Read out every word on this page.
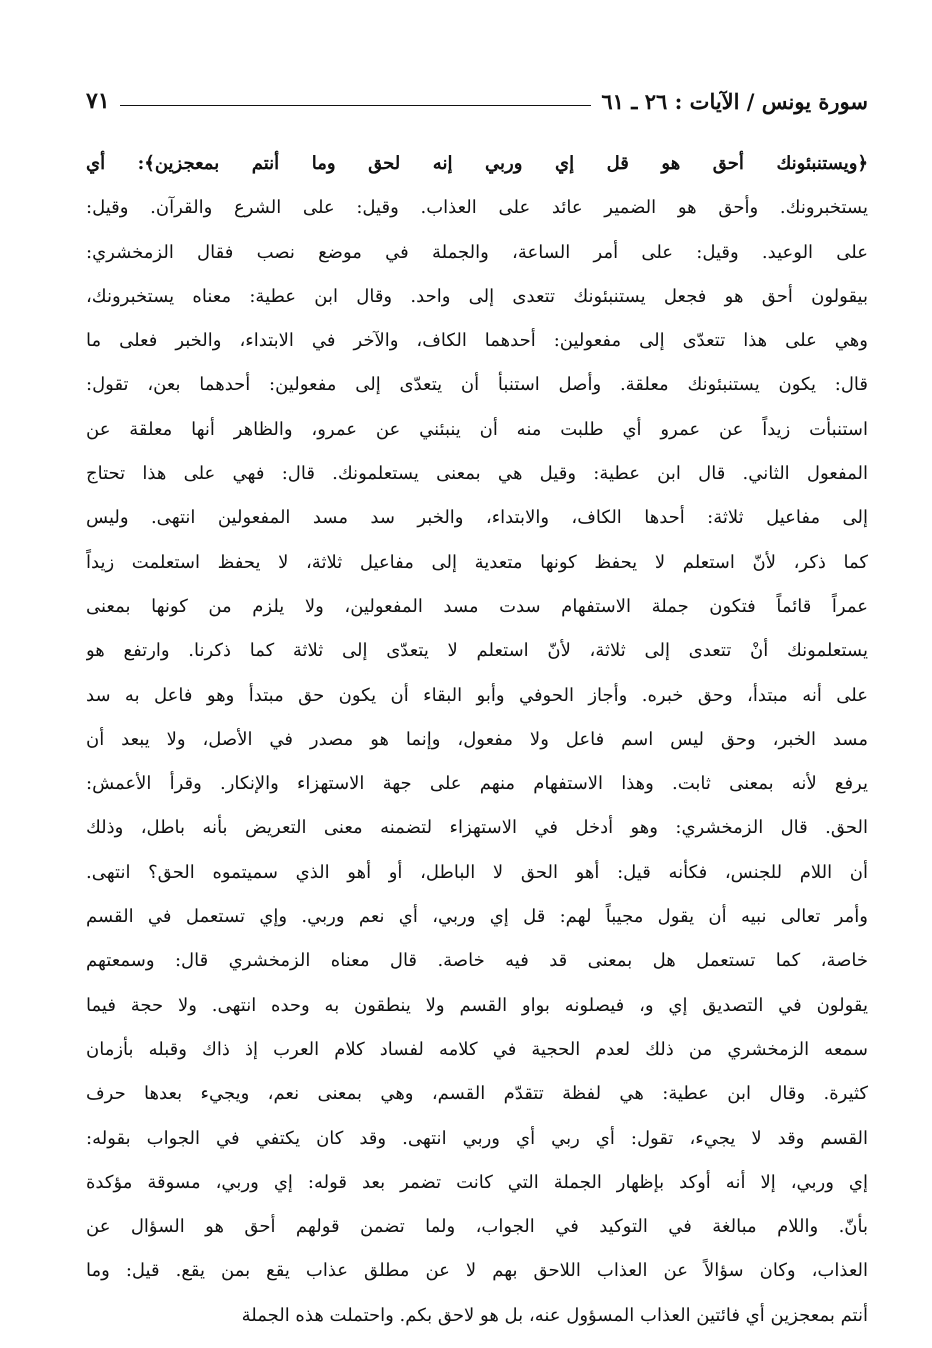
سورة يونس / الآيات : ٢٦ ـ ٦١
٧١
﴿ويستنبئونك أحق هو قل إي وربي إنه لحق وما أنتم بمعجزين﴾: أي
يستخبرونك. وأحق هو الضمير عائد على العذاب. وقيل: على الشرع والقرآن. وقيل:
على الوعيد. وقيل: على أمر الساعة، والجملة في موضع نصب فقال الزمخشري:
بيقولون أحق هو فجعل يستنبئونك تتعدى إلى واحد. وقال ابن عطية: معناه يستخبرونك،
وهي على هذا تتعدّى إلى مفعولين: أحدهما الكاف، والآخر في الابتداء، والخبر فعلى ما
قال: يكون يستنبئونك معلقة. وأصل استنبأ أن يتعدّى إلى مفعولين: أحدهما بعن، تقول:
استنبأت زيداً عن عمرو أي طلبت منه أن ينبئني عن عمرو، والظاهر أنها معلقة عن
المفعول الثاني. قال ابن عطية: وقيل هي بمعنى يستعلمونك. قال: فهي على هذا تحتاج
إلى مفاعيل ثلاثة: أحدها الكاف، والابتداء، والخبر سد مسد المفعولين انتهى. وليس
كما ذكر، لأنّ استعلم لا يحفظ كونها متعدية إلى مفاعيل ثلاثة، لا يحفظ استعلمت زيداً
عمراً قائماً فتكون جملة الاستفهام سدت مسد المفعولين، ولا يلزم من كونها بمعنى
يستعلمونك أنْ تتعدى إلى ثلاثة، لأنّ استعلم لا يتعدّى إلى ثلاثة كما ذكرنا. وارتفع هو
على أنه مبتدأ، وحق خبره. وأجاز الحوفي وأبو البقاء أن يكون حق مبتدأ وهو فاعل به سد
مسد الخبر، وحق ليس اسم فاعل ولا مفعول، وإنما هو مصدر في الأصل، ولا يبعد أن
يرفع لأنه بمعنى ثابت. وهذا الاستفهام منهم على جهة الاستهزاء والإنكار. وقرأ الأعمش:
الحق. قال الزمخشري: وهو أدخل في الاستهزاء لتضمنه معنى التعريض بأنه باطل، وذلك
أن اللام للجنس، فكأنه قيل: أهو الحق لا الباطل، أو أهو الذي سميتموه الحق؟ انتهى.
وأمر تعالى نبيه أن يقول مجيباً لهم: قل إي وربي، أي نعم وربي. وإي تستعمل في القسم
خاصة، كما تستعمل هل بمعنى قد فيه خاصة. قال معناه الزمخشري قال: وسمعتهم
يقولون في التصديق إي و، فيصلونه بواو القسم ولا ينطقون به وحده انتهى. ولا حجة فيما
سمعه الزمخشري من ذلك لعدم الحجية في كلامه لفساد كلام العرب إذ ذاك وقبله بأزمان
كثيرة. وقال ابن عطية: هي لفظة تتقدّم القسم، وهي بمعنى نعم، ويجيء بعدها حرف
القسم وقد لا يجيء، تقول: أي ربي أي وربي انتهى. وقد كان يكتفي في الجواب بقوله:
إي وربي، إلا أنه أوكد بإظهار الجملة التي كانت تضمر بعد قوله: إي وربي، مسوقة مؤكدة
بأنّ. واللام مبالغة في التوكيد في الجواب، ولما تضمن قولهم أحق هو السؤال عن
العذاب، وكان سؤالاً عن العذاب اللاحق بهم لا عن مطلق عذاب يقع بمن يقع. قيل: وما
أنتم بمعجزين أي فائتين العذاب المسؤول عنه، بل هو لاحق بكم. واحتملت هذه الجملة
